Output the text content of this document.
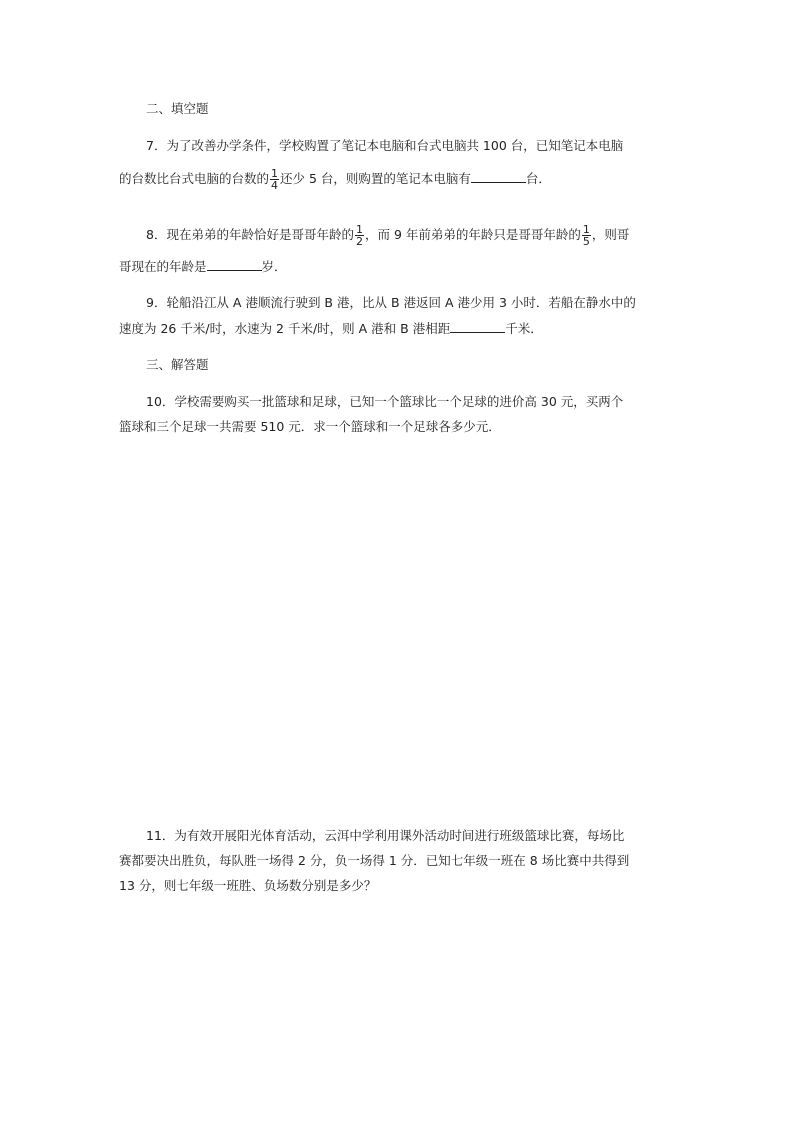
二、填空题
7．为了改善办学条件，学校购置了笔记本电脑和台式电脑共 100 台，已知笔记本电脑
的台数比台式电脑的台数的 $\frac{1}{4}$ 还少 5 台，则购置的笔记本电脑有	台．
8．现在弟弟的年龄恰好是哥哥年龄的 $\frac{1}{2}$ ，而 9 年前弟弟的年龄只是哥哥年龄的 $\frac{1}{5}$ ，则哥
哥现在的年龄是	岁．
9．轮船沿江从 A 港顺流行驶到 B 港，比从 B 港返回 A 港少用 3 小时．若船在静水中的
速度为 26 千米/时，水速为 2 千米/时，则 A 港和 B 港相距	千米．
三、解答题
10．学校需要购买一批篮球和足球，已知一个篮球比一个足球的进价高 30 元，买两个
篮球和三个足球一共需要 510 元．求一个篮球和一个足球各多少元．
11．为有效开展阳光体育活动，云洱中学利用课外活动时间进行班级篮球比赛，每场比
赛都要决出胜负，每队胜一场得 2 分，负一场得 1 分．已知七年级一班在 8 场比赛中共得到
13 分，则七年级一班胜、负场数分别是多少？
